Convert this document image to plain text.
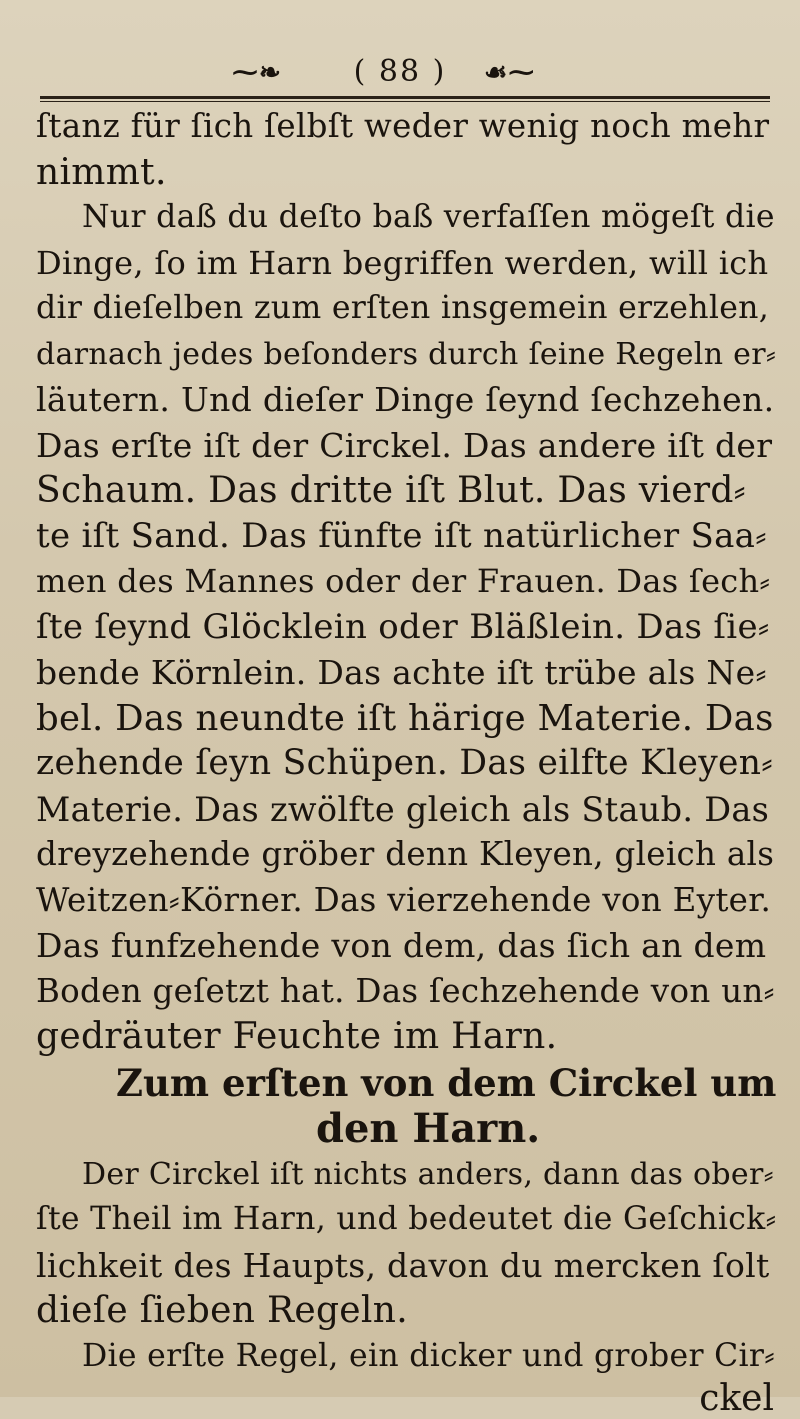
⁓❧	( 88 )	☙⁓
ſtanz für ſich ſelbſt weder wenig noch mehr
nimmt.
Nur daß du deſto baß verfaſſen mögeſt die
Dinge, ſo im Harn begriffen werden, will ich
dir dieſelben zum erſten insgemein erzehlen,
darnach jedes beſonders durch ſeine Regeln er⸗
läutern. Und dieſer Dinge ſeynd ſechzehen.
Das erſte iſt der Circkel. Das andere iſt der
Schaum. Das dritte iſt Blut. Das vierd⸗
te iſt Sand. Das fünfte iſt natürlicher Saa⸗
men des Mannes oder der Frauen. Das ſech⸗
ſte ſeynd Glöcklein oder Bläßlein. Das ſie⸗
bende Körnlein. Das achte iſt trübe als Ne⸗
bel. Das neundte iſt härige Materie. Das
zehende ſeyn Schüpen. Das eilfte Kleyen⸗
Materie. Das zwölfte gleich als Staub. Das
dreyzehende gröber denn Kleyen, gleich als
Weitzen⸗Körner. Das vierzehende von Eyter.
Das funfzehende von dem, das ſich an dem
Boden geſetzt hat. Das ſechzehende von un⸗
gedräuter Feuchte im Harn.
Zum erſten von dem Circkel um
den Harn.
Der Circkel iſt nichts anders, dann das ober⸗
ſte Theil im Harn, und bedeutet die Geſchick⸗
lichkeit des Haupts, davon du mercken ſolt
dieſe ſieben Regeln.
Die erſte Regel, ein dicker und grober Cir⸗
ckel
